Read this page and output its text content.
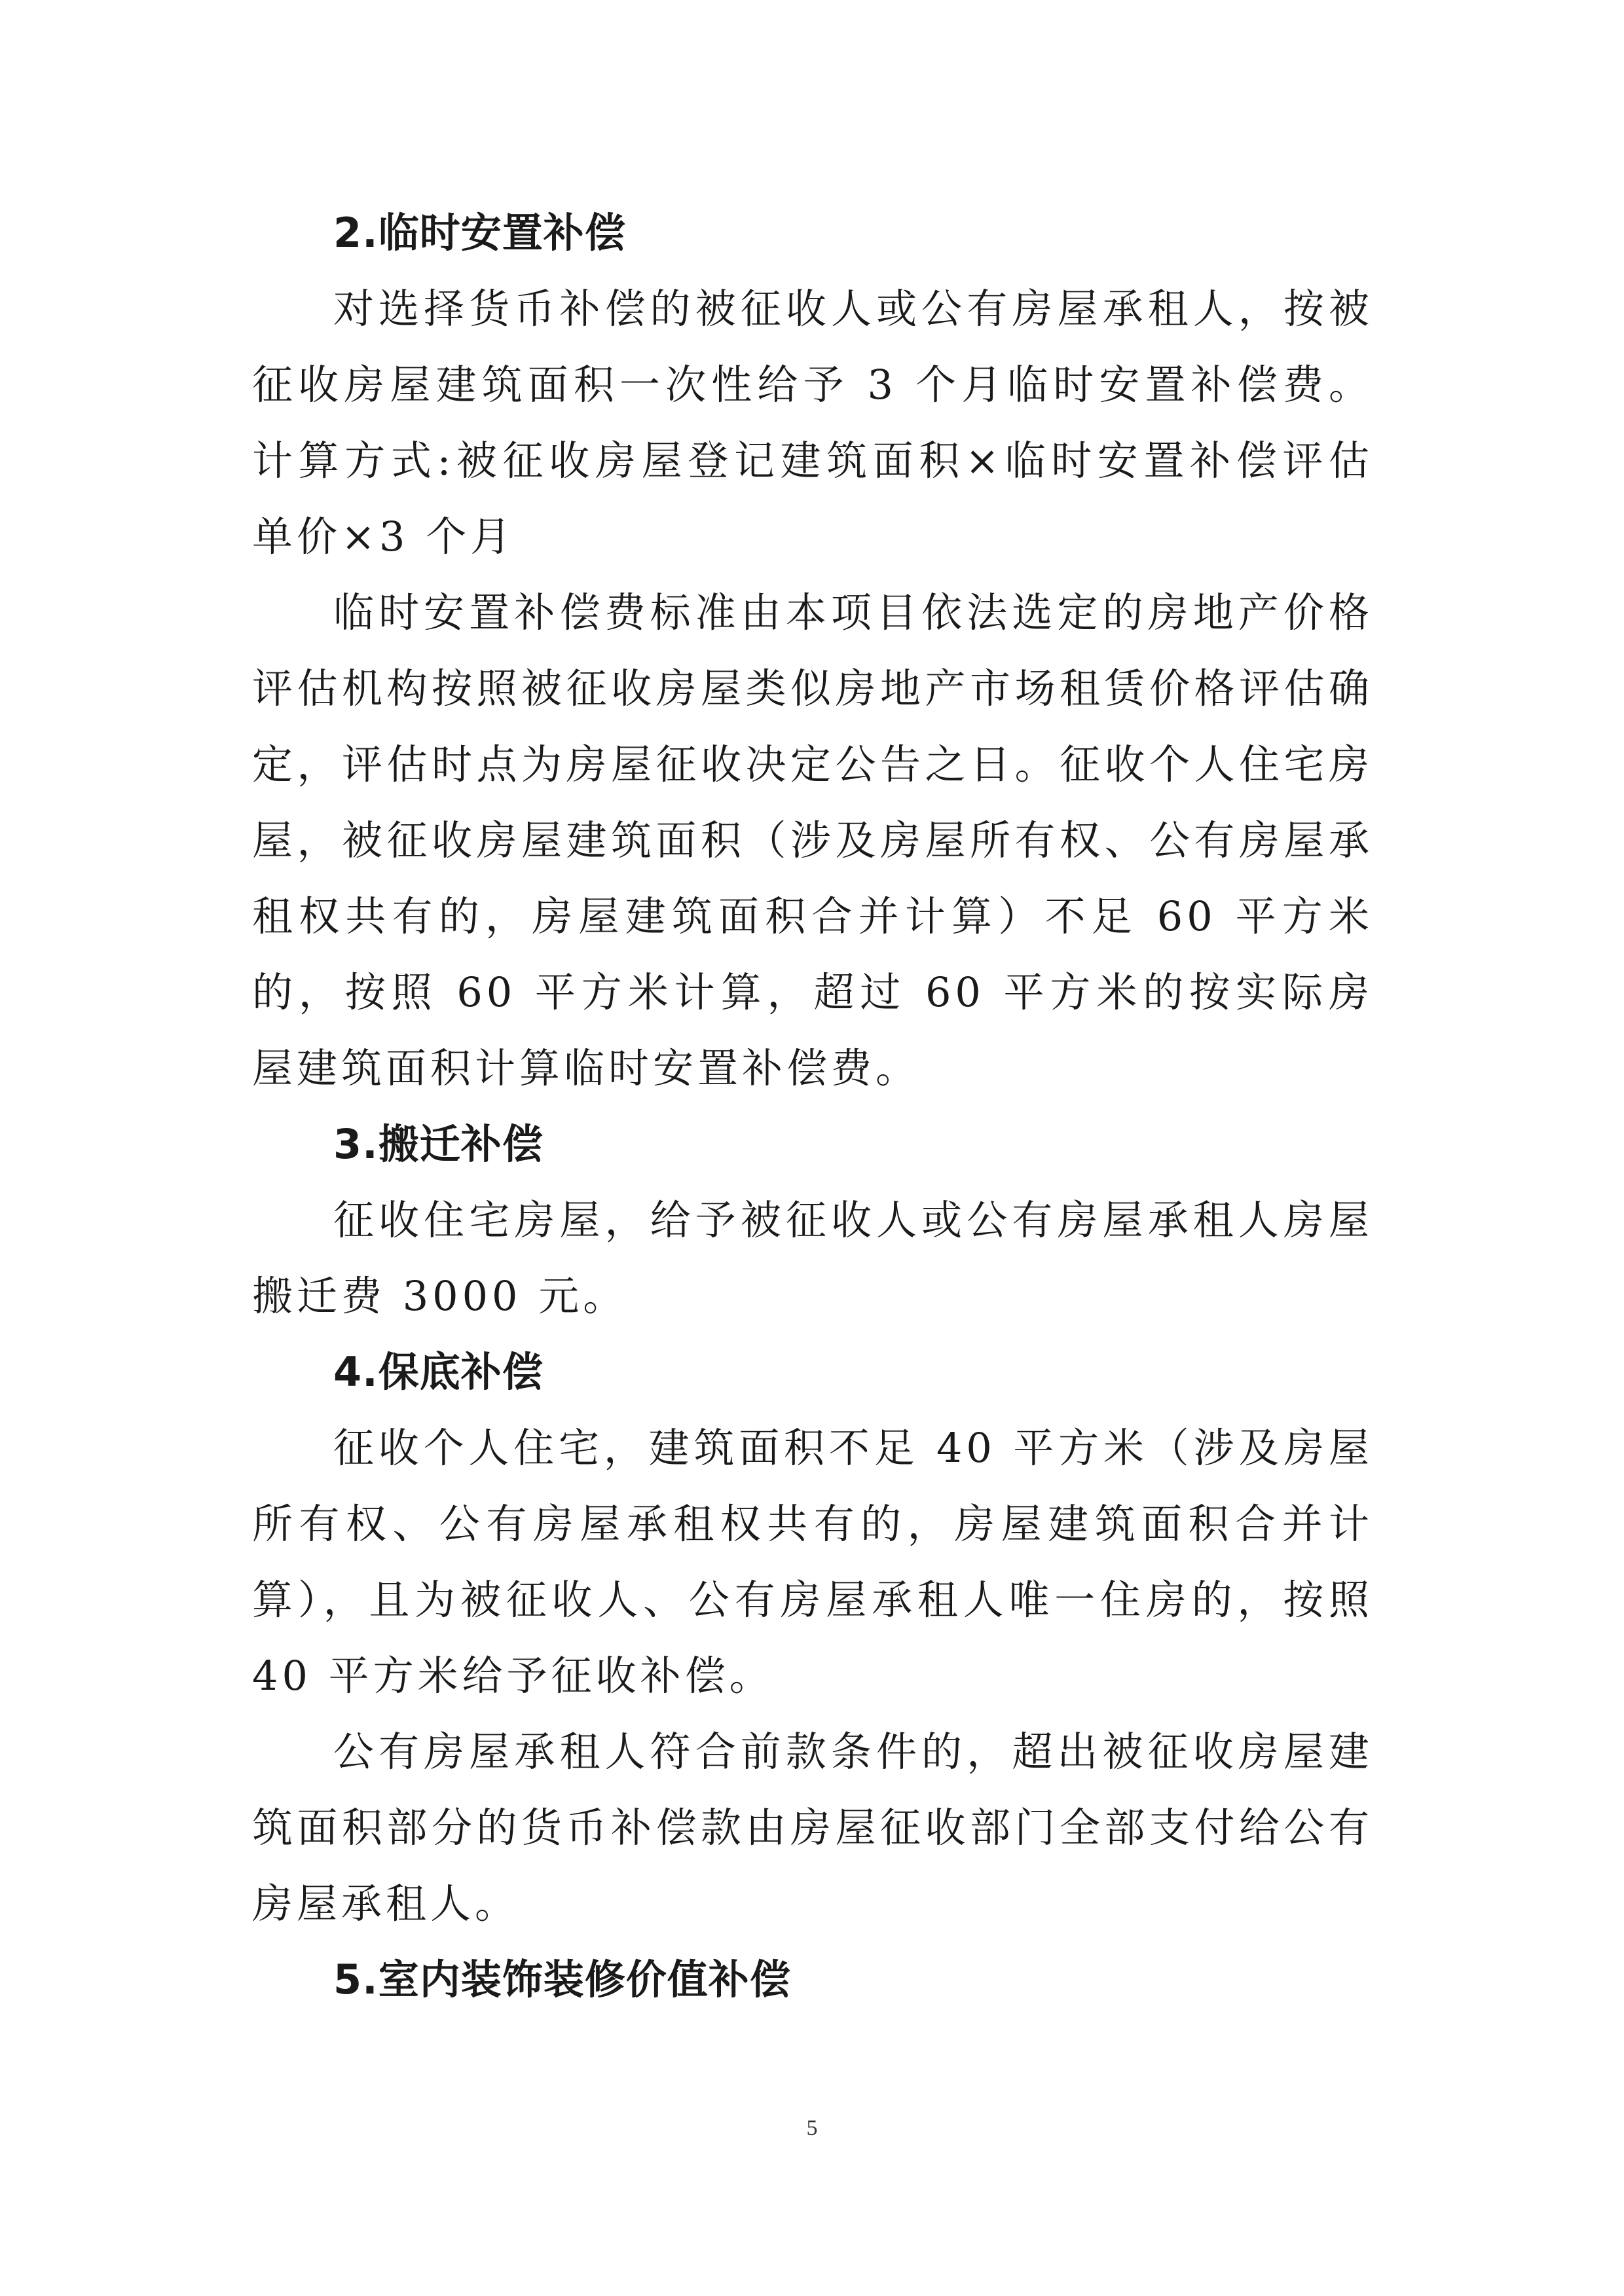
2.临时安置补偿

对选择货币补偿的被征收人或公有房屋承租人，按被征收房屋建筑面积一次性给予 3 个月临时安置补偿费。计算方式:被征收房屋登记建筑面积×临时安置补偿评估单价×3 个月

临时安置补偿费标准由本项目依法选定的房地产价格评估机构按照被征收房屋类似房地产市场租赁价格评估确定，评估时点为房屋征收决定公告之日。征收个人住宅房屋，被征收房屋建筑面积（涉及房屋所有权、公有房屋承租权共有的，房屋建筑面积合并计算）不足 60 平方米的，按照 60 平方米计算，超过 60 平方米的按实际房屋建筑面积计算临时安置补偿费。

3.搬迁补偿

征收住宅房屋，给予被征收人或公有房屋承租人房屋搬迁费 3000 元。

4.保底补偿

征收个人住宅，建筑面积不足 40 平方米（涉及房屋所有权、公有房屋承租权共有的，房屋建筑面积合并计算），且为被征收人、公有房屋承租人唯一住房的，按照 40 平方米给予征收补偿。

公有房屋承租人符合前款条件的，超出被征收房屋建筑面积部分的货币补偿款由房屋征收部门全部支付给公有房屋承租人。

5.室内装饰装修价值补偿
5
